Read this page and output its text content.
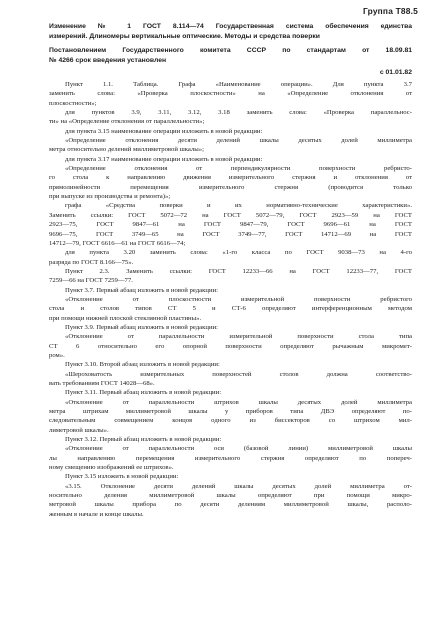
Группа Т88.5
Изменение № 1 ГОСТ 8.114—74 Государственная система обеспечения единства
измерений. Длиномеры вертикальные оптические. Методы и средства поверки
Постановлением Государственного комитета СССР по стандартам от 18.09.81
№ 4266 срок введения установлен
с 01.01.82
Пункт 1.1. Таблица. Графа «Наименование операции». Для пункта 3.7
заменить слова: «Проверка плоскостности» на «Определение отклонения от
плоскостности»;
для пунктов 3.9, 3.11, 3.12, 3.18 заменить слова: «Проверка параллельнос-
ти» на «Определение отклонения от параллельности»;
для пункта 3.15 наименование операции изложить в новой редакции:
«Определение отклонения десяти делений шкалы десятых долей миллиметра
метра относительно делений миллиметровой шкалы»;
для пункта 3.17 наименование операции изложить в новой редакции:
«Определение отклонения от перпендикулярности поверхности ребристо-
го стола к направлению движения измерительного стержня и отклонения от
прямолинейности перемещения измерительного стержня (проводится только
при выпуске из производства и ремонта)»;
графа «Средства поверки и их нормативно-технические характеристики».
Заменить ссылки: ГОСТ 5072—72 на ГОСТ 5072—79, ГОСТ 2923—59 на ГОСТ
2923—75, ГОСТ 9847—61 на ГОСТ 9847—79, ГОСТ 9696—61 на ГОСТ
9696—75, ГОСТ 3749—65 на ГОСТ 3749—77, ГОСТ 14712—69 на ГОСТ
14712—79, ГОСТ 6616—61 на ГОСТ 6616—74;
для пункта 3.20 заменить слова: «1-го класса по ГОСТ 9038—73 на 4-го
разряда по ГОСТ 8.166—75».
Пункт 2.3. Заменить ссылки: ГОСТ 12233—66 на ГОСТ 12233—77, ГОСТ
7259—66 на ГОСТ 7259—77.
Пункт 3.7. Первый абзац изложить в новой редакции:
«Отклонение от плоскостности измерительной поверхности ребристого
стола и столов типов СТ 5 и СТ-6 определяют интерференционным методом
при помощи нижней плоской стеклянной пластины».
Пункт 3.9. Первый абзац изложить в новой редакции:
«Отклонение от параллельности измерительной поверхности стола типа
СТ 6 относительно его опорной поверхности определяют рычажным микромет-
ром».
Пункт 3.10. Второй абзац изложить в новой редакции:
«Шероховатость измерительных поверхностей столов должна соответство-
вать требованиям ГОСТ 14028—68».
Пункт 3.11. Первый абзац изложить в новой редакции:
«Отклонение от параллельности штрихов шкалы десятых долей миллиметра
метра штрихам миллиметровой шкалы у приборов типа ДВЭ определяют по-
следовательным совмещением концов одного из биссекторов со штрихом мил-
лиметровой шкалы».
Пункт 3.12. Первый абзац изложить в новой редакции:
«Отклонение от параллельности оси (базовой линии) миллиметровой шкалы
лы направлению перемещения измерительного стержня определяют по попереч-
ному смещению изображений ее штрихов».
Пункт 3.15 изложить в новой редакции:
«3.15. Отклонение десяти делений шкалы десятых долей миллиметра от-
носительно деления миллиметровой шкалы определяют при помощи микро-
метровой шкалы прибора по десяти делениям миллиметровой шкалы, располо-
женным в начале и конце шкалы.
